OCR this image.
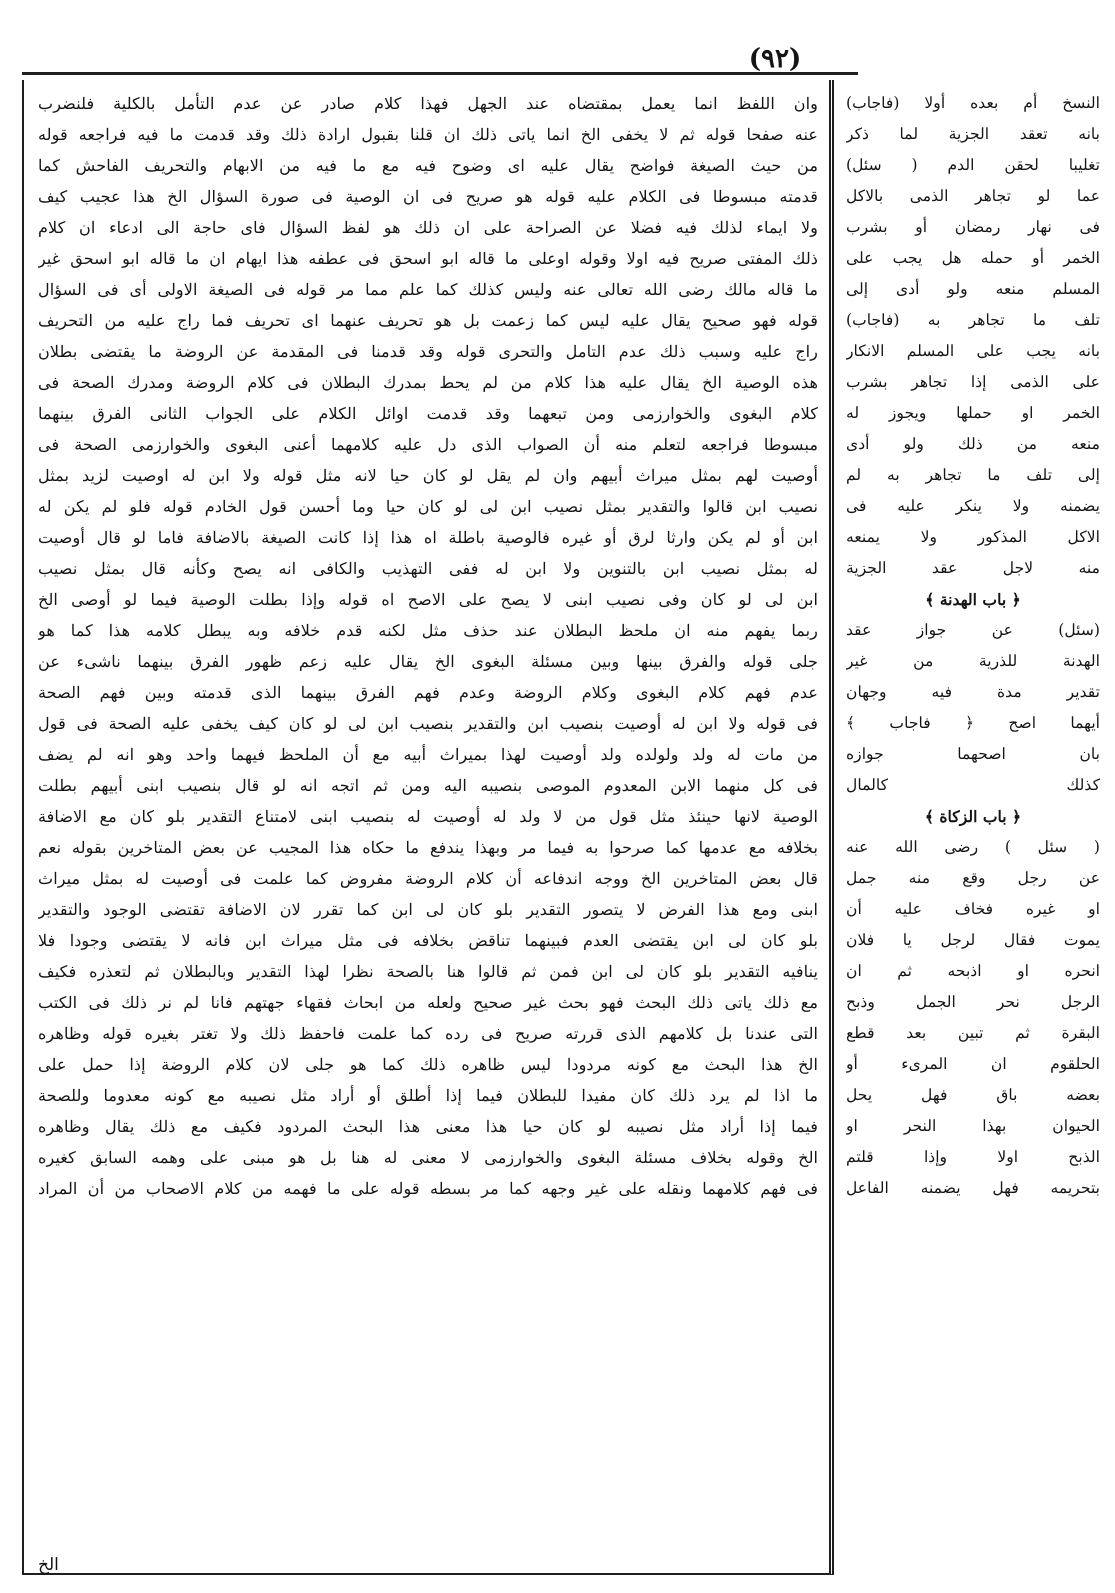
(٩٢)
وان اللفظ انما يعمل بمقتضاه عند الجهل فهذا كلام صادر عن عدم التأمل بالكلية فلنضرب
عنه صفحا قوله ثم لا يخفى الخ انما ياتى ذلك ان قلنا بقبول ارادة ذلك وقد قدمت ما فيه فراجعه قوله
من حيث الصيغة فواضح يقال عليه اى وضوح فيه مع ما فيه من الابهام والتحريف الفاحش كما
قدمته مبسوطا فى الكلام عليه قوله هو صريح فى ان الوصية فى صورة السؤال الخ هذا عجيب كيف
ولا ايماء لذلك فيه فضلا عن الصراحة على ان ذلك هو لفظ السؤال فاى حاجة الى ادعاء ان كلام
ذلك المفتى صريح فيه اولا وقوله اوعلى ما قاله ابو اسحق فى عطفه هذا ايهام ان ما قاله ابو اسحق غير
ما قاله مالك رضى الله تعالى عنه وليس كذلك كما علم مما مر قوله فى الصيغة الاولى أى فى السؤال
قوله فهو صحيح يقال عليه ليس كما زعمت بل هو تحريف عنهما اى تحريف فما راج عليه من التحريف
راج عليه وسبب ذلك عدم التامل والتحرى قوله وقد قدمنا فى المقدمة عن الروضة ما يقتضى بطلان
هذه الوصية الخ يقال عليه هذا كلام من لم يحط بمدرك البطلان فى كلام الروضة ومدرك الصحة فى
كلام البغوى والخوارزمى ومن تبعهما وقد قدمت اوائل الكلام على الجواب الثانى الفرق بينهما
مبسوطا فراجعه لتعلم منه أن الصواب الذى دل عليه كلامهما أعنى البغوى والخوارزمى الصحة فى
أوصيت لهم بمثل ميراث أبيهم وان لم يقل لو كان حيا لانه مثل قوله ولا ابن له اوصيت لزيد بمثل
نصيب ابن قالوا والتقدير بمثل نصيب ابن لى لو كان حيا وما أحسن قول الخادم قوله فلو لم يكن له
ابن أو لم يكن وارثا لرق أو غيره فالوصية باطلة اه هذا إذا كانت الصيغة بالاضافة فاما لو قال أوصيت
له بمثل نصيب ابن بالتنوين ولا ابن له ففى التهذيب والكافى انه يصح وكأنه قال بمثل نصيب
ابن لى لو كان وفى نصيب ابنى لا يصح على الاصح اه قوله وإذا بطلت الوصية فيما لو أوصى الخ
ربما يفهم منه ان ملحظ البطلان عند حذف مثل لكنه قدم خلافه وبه يبطل كلامه هذا كما هو
جلى قوله والفرق بينها وبين مسئلة البغوى الخ يقال عليه زعم ظهور الفرق بينهما ناشىء عن
عدم فهم كلام البغوى وكلام الروضة وعدم فهم الفرق بينهما الذى قدمته وبين فهم الصحة
فى قوله ولا ابن له أوصيت بنصيب ابن والتقدير بنصيب ابن لى لو كان كيف يخفى عليه الصحة فى قول
من مات له ولد ولولده ولد أوصيت لهذا بميراث أبيه مع أن الملحظ فيهما واحد وهو انه لم يضف
فى كل منهما الابن المعدوم الموصى بنصيبه اليه ومن ثم اتجه انه لو قال بنصيب ابنى أبيهم بطلت
الوصية لانها حينئذ مثل قول من لا ولد له أوصيت له بنصيب ابنى لامتناع التقدير بلو كان مع الاضافة
بخلافه مع عدمها كما صرحوا به فيما مر وبهذا يندفع ما حكاه هذا المجيب عن بعض المتاخرين بقوله نعم
قال بعض المتاخرين الخ ووجه اندفاعه أن كلام الروضة مفروض كما علمت فى أوصيت له بمثل ميراث
ابنى ومع هذا الفرض لا يتصور التقدير بلو كان لى ابن كما تقرر لان الاضافة تقتضى الوجود والتقدير
بلو كان لى ابن يقتضى العدم فبينهما تناقض بخلافه فى مثل ميراث ابن فانه لا يقتضى وجودا فلا
ينافيه التقدير بلو كان لى ابن فمن ثم قالوا هنا بالصحة نظرا لهذا التقدير وبالبطلان ثم لتعذره فكيف
مع ذلك ياتى ذلك البحث فهو بحث غير صحيح ولعله من ابحاث فقهاء جهتهم فانا لم نر ذلك فى الكتب
التى عندنا بل كلامهم الذى قررته صريح فى رده كما علمت فاحفظ ذلك ولا تغتر بغيره قوله وظاهره
الخ هذا البحث مع كونه مردودا ليس ظاهره ذلك كما هو جلى لان كلام الروضة إذا حمل على
ما اذا لم يرد ذلك كان مفيدا للبطلان فيما إذا أطلق أو أراد مثل نصيبه مع كونه معدوما وللصحة
فيما إذا أراد مثل نصيبه لو كان حيا هذا معنى هذا البحث المردود فكيف مع ذلك يقال وظاهره
الخ وقوله بخلاف مسئلة البغوى والخوارزمى لا معنى له هنا بل هو مبنى على وهمه السابق كغيره
فى فهم كلامهما ونقله على غير وجهه كما مر بسطه قوله على ما فهمه من كلام الاصحاب من أن المراد
النسخ أم بعده أولا (فاجاب)
بانه تعقد الجزية لما ذكر
تغليبا لحقن الدم ( سئل)
عما لو تجاهر الذمى بالاكل
فى نهار رمضان أو بشرب
الخمر أو حمله هل يجب على
المسلم منعه ولو أدى إلى
تلف ما تجاهر به (فاجاب)
بانه يجب على المسلم الانكار
على الذمى إذا تجاهر بشرب
الخمر او حملها ويجوز له
منعه من ذلك ولو أدى
إلى تلف ما تجاهر به لم
يضمنه ولا ينكر عليه فى
الاكل المذكور ولا يمنعه
منه لاجل عقد الجزية
﴿ باب الهدنة ﴾
(سئل) عن جواز عقد
الهدنة للذرية من غير
تقدير مدة فيه وجهان
أيهما اصح ﴿ فاجاب ﴾
بان اصحهما جوازه
كذلك كالمال
﴿ باب الزكاة ﴾
( سئل ) رضى الله عنه
عن رجل وقع منه جمل
او غيره فخاف عليه أن
يموت فقال لرجل يا فلان
انحره او اذبحه ثم ان
الرجل نحر الجمل وذبح
البقرة ثم تبين بعد قطع
الحلقوم ان المرىء أو
بعضه باق فهل يحل
الحيوان بهذا النحر او
الذبح اولا وإذا قلتم
بتحريمه فهل يضمنه الفاعل
الخ
